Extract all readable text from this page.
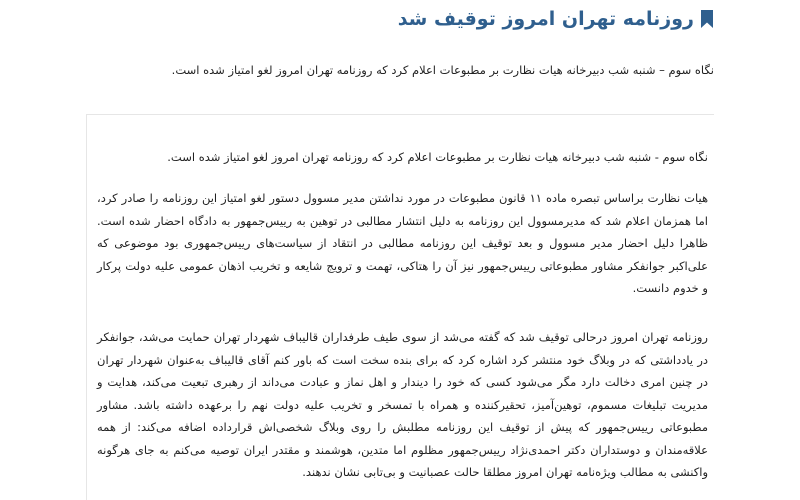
روزنامه تهران امروز توقیف شد

نگاه سوم – شنبه شب دبیرخانه هیات نظارت بر مطبوعات اعلام کرد که روزنامه تهران امروز لغو امتیاز شده است.

نگاه سوم - شنبه شب دبیرخانه هیات نظارت بر مطبوعات اعلام کرد که روزنامه تهران امروز لغو امتیاز شده است.

هیات نظارت براساس تبصره ماده ۱۱ قانون مطبوعات در مورد نداشتن مدیر مسوول دستور لغو امتیاز این روزنامه را صادر کرد، اما همزمان اعلام شد که مدیرمسوول این روزنامه به دلیل انتشار مطالبی در توهین به رییس‌جمهور به دادگاه احضار شده است. ظاهرا دلیل احضار مدیر مسوول و بعد توقیف این روزنامه مطالبی در انتقاد از سیاست‌های رییس‌جمهوری بود موضوعی که علی‌اکبر جوانفکر مشاور مطبوعاتی رییس‌جمهور نیز آن را هتاکی، تهمت و ترویج شایعه و تخریب اذهان عمومی علیه دولت پرکار و خدوم دانست.

روزنامه تهران امروز درحالی توقیف شد که گفته می‌شد از سوی طیف طرفداران قالیباف شهردار تهران حمایت می‌شد، جوانفکر در یادداشتی که در وبلاگ خود منتشر کرد اشاره کرد که برای بنده سخت است که باور کنم آقای قالیباف به‌عنوان شهردار تهران در چنین امری دخالت دارد مگر می‌شود کسی که خود را دیندار و اهل نماز و عبادت می‌داند از رهبری تبعیت می‌کند، هدایت و مدیریت تبلیغات مسموم، توهین‌آمیز، تحقیرکننده و همراه با تمسخر و تخریب علیه دولت نهم را برعهده داشته باشد. مشاور مطبوعاتی رییس‌جمهور که پیش از توقیف این روزنامه مطلبش را روی وبلاگ شخصی‌اش قرارداده اضافه می‌کند: از همه علاقه‌مندان و دوستداران دکتر احمدی‌نژاد رییس‌جمهور مظلوم اما متدین، هوشمند و مقتدر ایران توصیه می‌کنم به جای هرگونه واکنشی به مطالب ویژه‌نامه تهران امروز مطلقا حالت عصبانیت و بی‌تابی نشان ندهند.
